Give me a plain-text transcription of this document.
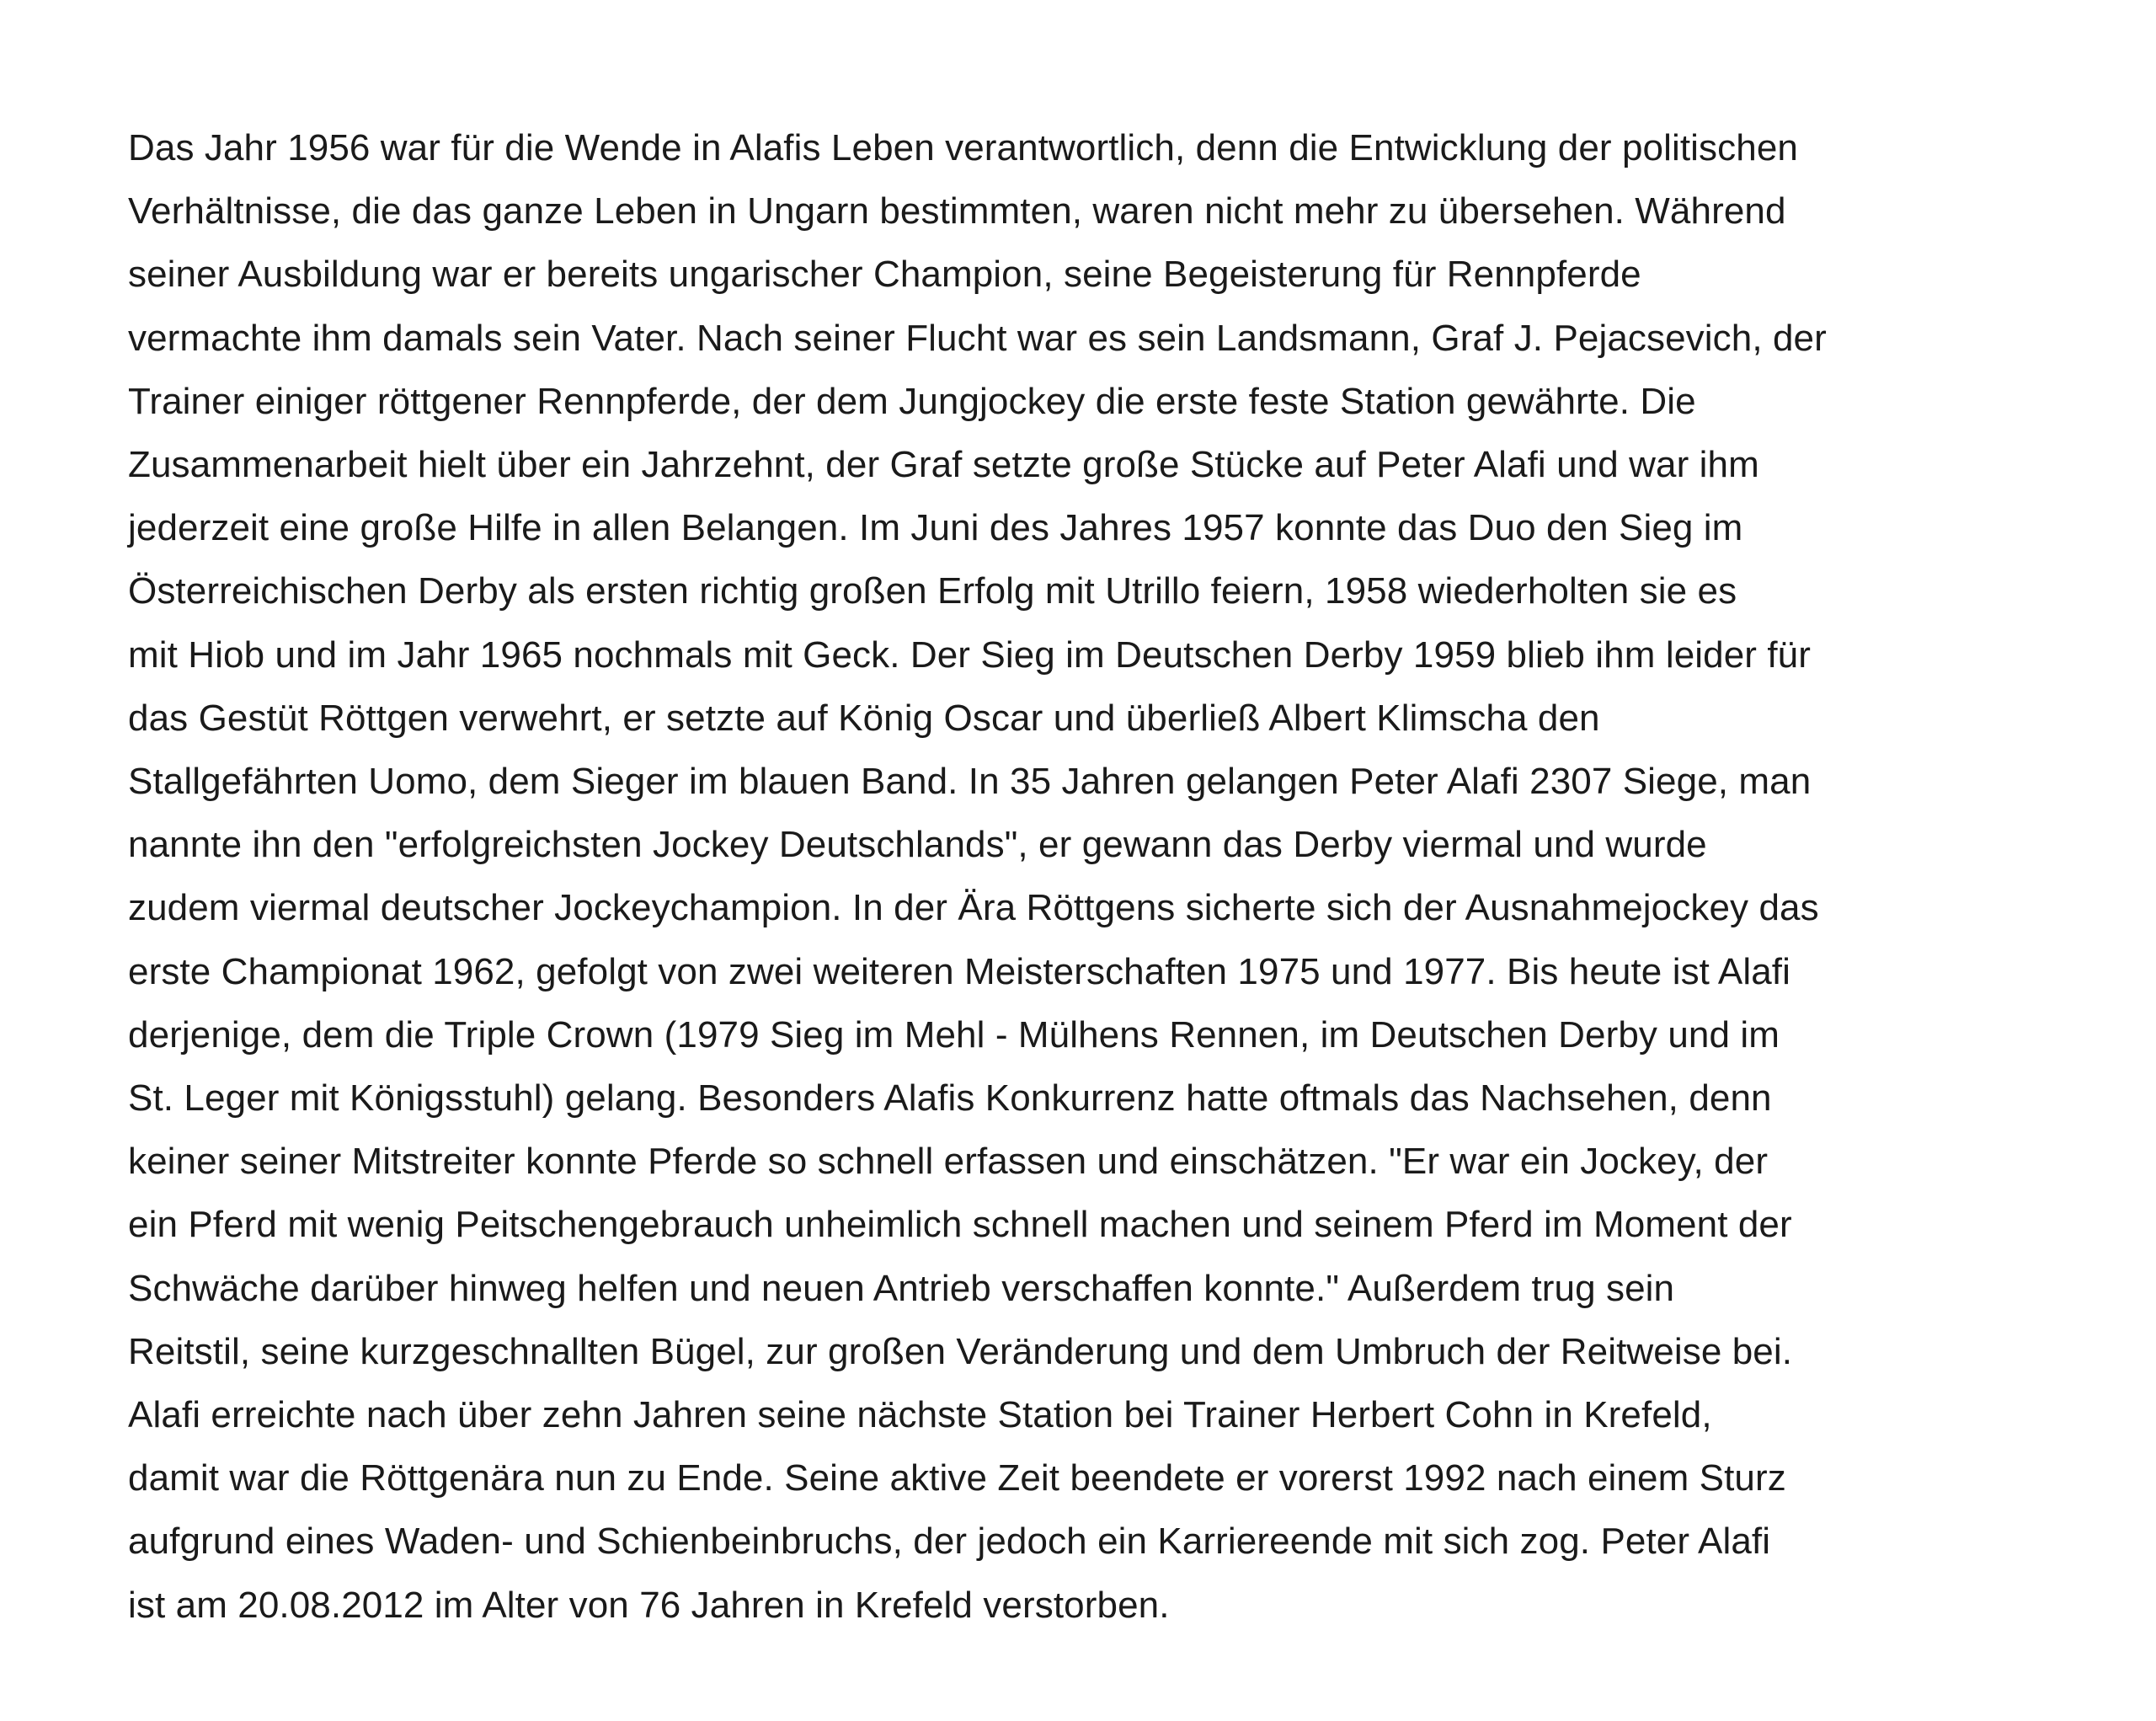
Das Jahr 1956 war für die Wende in Alafis Leben verantwortlich, denn die Entwicklung der politischen
Verhältnisse, die das ganze Leben in Ungarn bestimmten, waren nicht mehr zu übersehen. Während
seiner Ausbildung war er bereits ungarischer Champion, seine Begeisterung für Rennpferde
vermachte ihm damals sein Vater. Nach seiner Flucht war es sein Landsmann, Graf J. Pejacsevich, der
Trainer einiger röttgener Rennpferde, der dem Jungjockey die erste feste Station gewährte. Die
Zusammenarbeit hielt über ein Jahrzehnt, der Graf setzte große Stücke auf Peter Alafi und war ihm
jederzeit eine große Hilfe in allen Belangen. Im Juni des Jahres 1957 konnte das Duo den Sieg im
Österreichischen Derby als ersten richtig großen Erfolg mit Utrillo feiern, 1958 wiederholten sie es
mit Hiob und im Jahr 1965 nochmals mit Geck. Der Sieg im Deutschen Derby 1959 blieb ihm leider für
das Gestüt Röttgen verwehrt, er setzte auf König Oscar und überließ Albert Klimscha den
Stallgefährten Uomo, dem Sieger im blauen Band. In 35 Jahren gelangen Peter Alafi 2307 Siege, man
nannte ihn den "erfolgreichsten Jockey Deutschlands", er gewann das Derby viermal und wurde
zudem viermal deutscher Jockeychampion. In der Ära Röttgens sicherte sich der Ausnahmejockey das
erste Championat 1962, gefolgt von zwei weiteren Meisterschaften 1975 und 1977. Bis heute ist Alafi
derjenige, dem die Triple Crown (1979 Sieg im Mehl - Mülhens Rennen, im Deutschen Derby und im
St. Leger mit Königsstuhl) gelang. Besonders Alafis Konkurrenz hatte oftmals das Nachsehen, denn
keiner seiner Mitstreiter konnte Pferde so schnell erfassen und einschätzen. "Er war ein Jockey, der
ein Pferd mit wenig Peitschengebrauch unheimlich schnell machen und seinem Pferd im Moment der
Schwäche darüber hinweg helfen und neuen Antrieb verschaffen konnte." Außerdem trug sein
Reitstil, seine kurzgeschnallten Bügel, zur großen Veränderung und dem Umbruch der Reitweise bei.
Alafi erreichte nach über zehn Jahren seine nächste Station bei Trainer Herbert Cohn in Krefeld,
damit war die Röttgenära nun zu Ende. Seine aktive Zeit beendete er vorerst 1992 nach einem Sturz
aufgrund eines Waden- und Schienbeinbruchs, der jedoch ein Karriereende mit sich zog. Peter Alafi
ist am 20.08.2012 im Alter von 76 Jahren in Krefeld verstorben.
